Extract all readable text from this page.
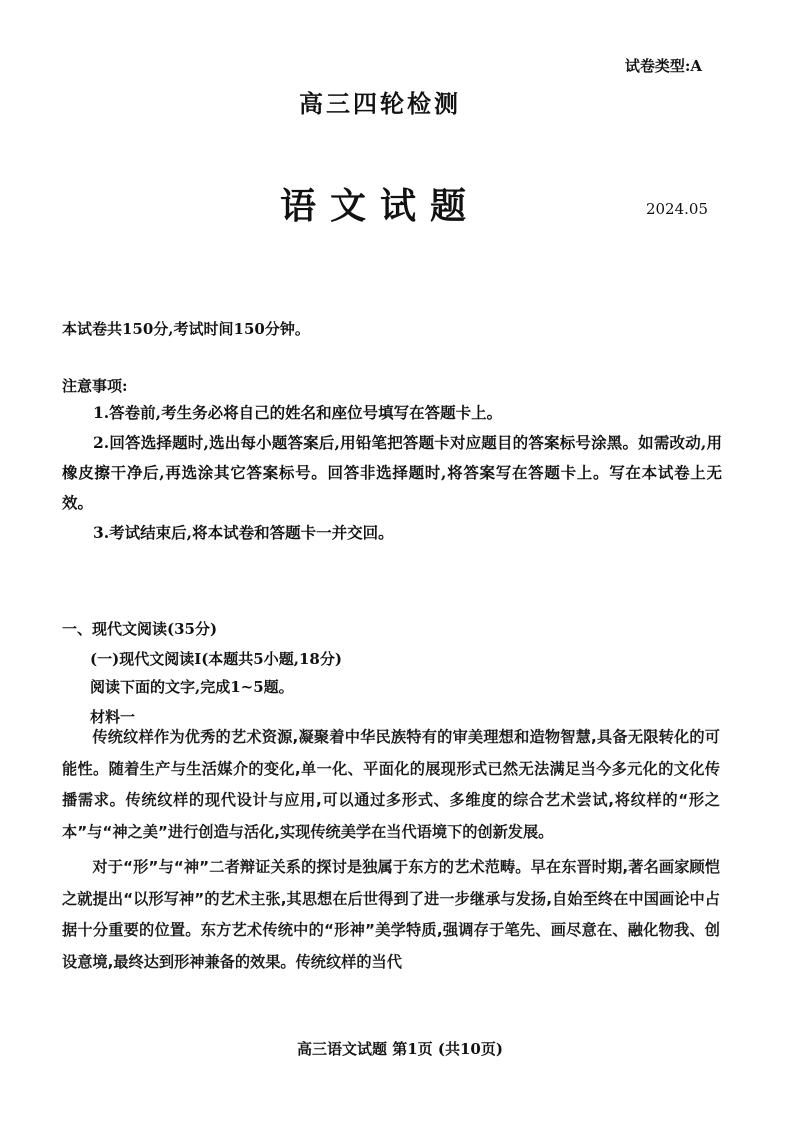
试卷类型:A
高三四轮检测
语文试题	2024.05
本试卷共150分,考试时间150分钟。
注意事项:

1.答卷前,考生务必将自己的姓名和座位号填写在答题卡上。

2.回答选择题时,选出每小题答案后,用铅笔把答题卡对应题目的答案标号涂黑。如需改动,用橡皮擦干净后,再选涂其它答案标号。回答非选择题时,将答案写在答题卡上。写在本试卷上无效。

3.考试结束后,将本试卷和答题卡一并交回。

一、现代文阅读(35分)
(一)现代文阅读Ⅰ(本题共5小题,18分)
阅读下面的文字,完成1~5题。
材料一

传统纹样作为优秀的艺术资源,凝聚着中华民族特有的审美理想和造物智慧,具备无限转化的可能性。随着生产与生活媒介的变化,单一化、平面化的展现形式已然无法满足当今多元化的文化传播需求。传统纹样的现代设计与应用,可以通过多形式、多维度的综合艺术尝试,将纹样的“形之本”与“神之美”进行创造与活化,实现传统美学在当代语境下的创新发展。

对于“形”与“神”二者辩证关系的探讨是独属于东方的艺术范畴。早在东晋时期,著名画家顾恺之就提出“以形写神”的艺术主张,其思想在后世得到了进一步继承与发扬,自始至终在中国画论中占据十分重要的位置。东方艺术传统中的“形神”美学特质,强调存于笔先、画尽意在、融化物我、创设意境,最终达到形神兼备的效果。传统纹样的当代

高三语文试题 第1页 (共10页)
